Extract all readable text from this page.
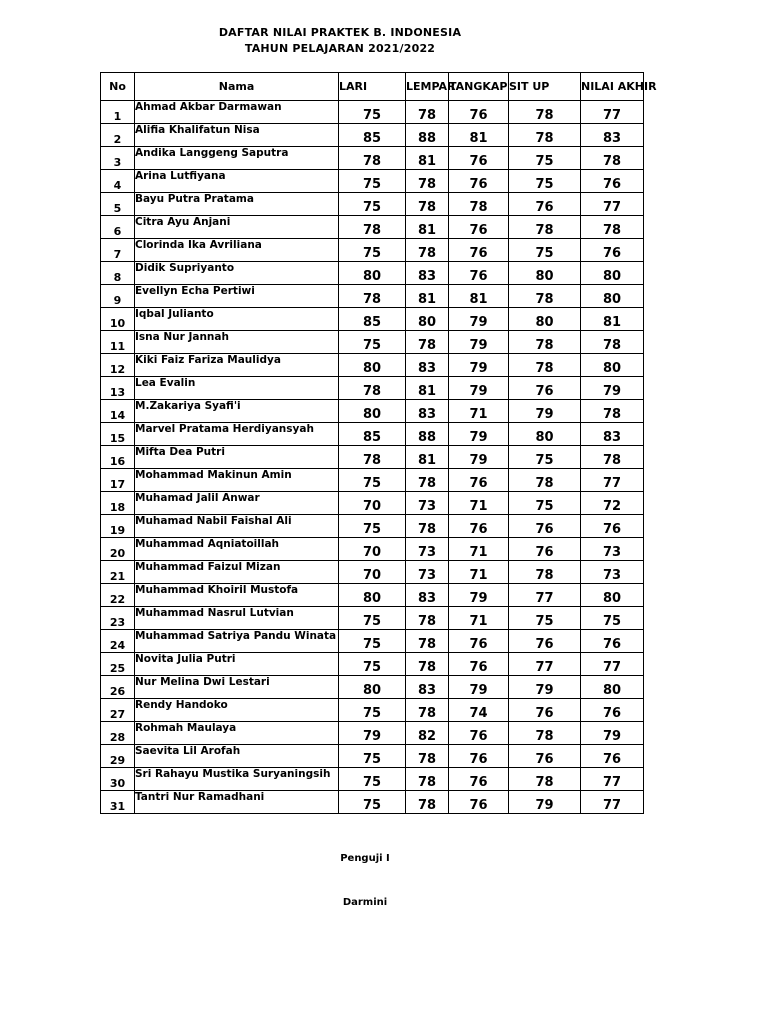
DAFTAR NILAI PRAKTEK B. INDONESIA
TAHUN PELAJARAN 2021/2022
No	Nama	LARI	LEMPAR	TANGKAP	SIT UP	NILAI AKHIR
1	Ahmad Akbar Darmawan	75	78	76	78	77
2	Alifia Khalifatun Nisa	85	88	81	78	83
3	Andika Langgeng Saputra	78	81	76	75	78
4	Arina Lutfiyana	75	78	76	75	76
5	Bayu Putra Pratama	75	78	78	76	77
6	Citra Ayu Anjani	78	81	76	78	78
7	Clorinda Ika Avriliana	75	78	76	75	76
8	Didik Supriyanto	80	83	76	80	80
9	Evellyn Echa Pertiwi	78	81	81	78	80
10	Iqbal Julianto	85	80	79	80	81
11	Isna Nur Jannah	75	78	79	78	78
12	Kiki Faiz Fariza Maulidya	80	83	79	78	80
13	Lea Evalin	78	81	79	76	79
14	M.Zakariya Syafi'i	80	83	71	79	78
15	Marvel Pratama Herdiyansyah	85	88	79	80	83
16	Mifta Dea Putri	78	81	79	75	78
17	Mohammad Makinun Amin	75	78	76	78	77
18	Muhamad Jalil Anwar	70	73	71	75	72
19	Muhamad Nabil Faishal Ali	75	78	76	76	76
20	Muhammad Aqniatoillah	70	73	71	76	73
21	Muhammad Faizul Mizan	70	73	71	78	73
22	Muhammad Khoiril Mustofa	80	83	79	77	80
23	Muhammad Nasrul Lutvian	75	78	71	75	75
24	Muhammad Satriya Pandu Winata	75	78	76	76	76
25	Novita Julia Putri	75	78	76	77	77
26	Nur Melina Dwi Lestari	80	83	79	79	80
27	Rendy Handoko	75	78	74	76	76
28	Rohmah Maulaya	79	82	76	78	79
29	Saevita Lil Arofah	75	78	76	76	76
30	Sri Rahayu Mustika Suryaningsih	75	78	76	78	77
31	Tantri Nur Ramadhani	75	78	76	79	77
Penguji I
Darmini
